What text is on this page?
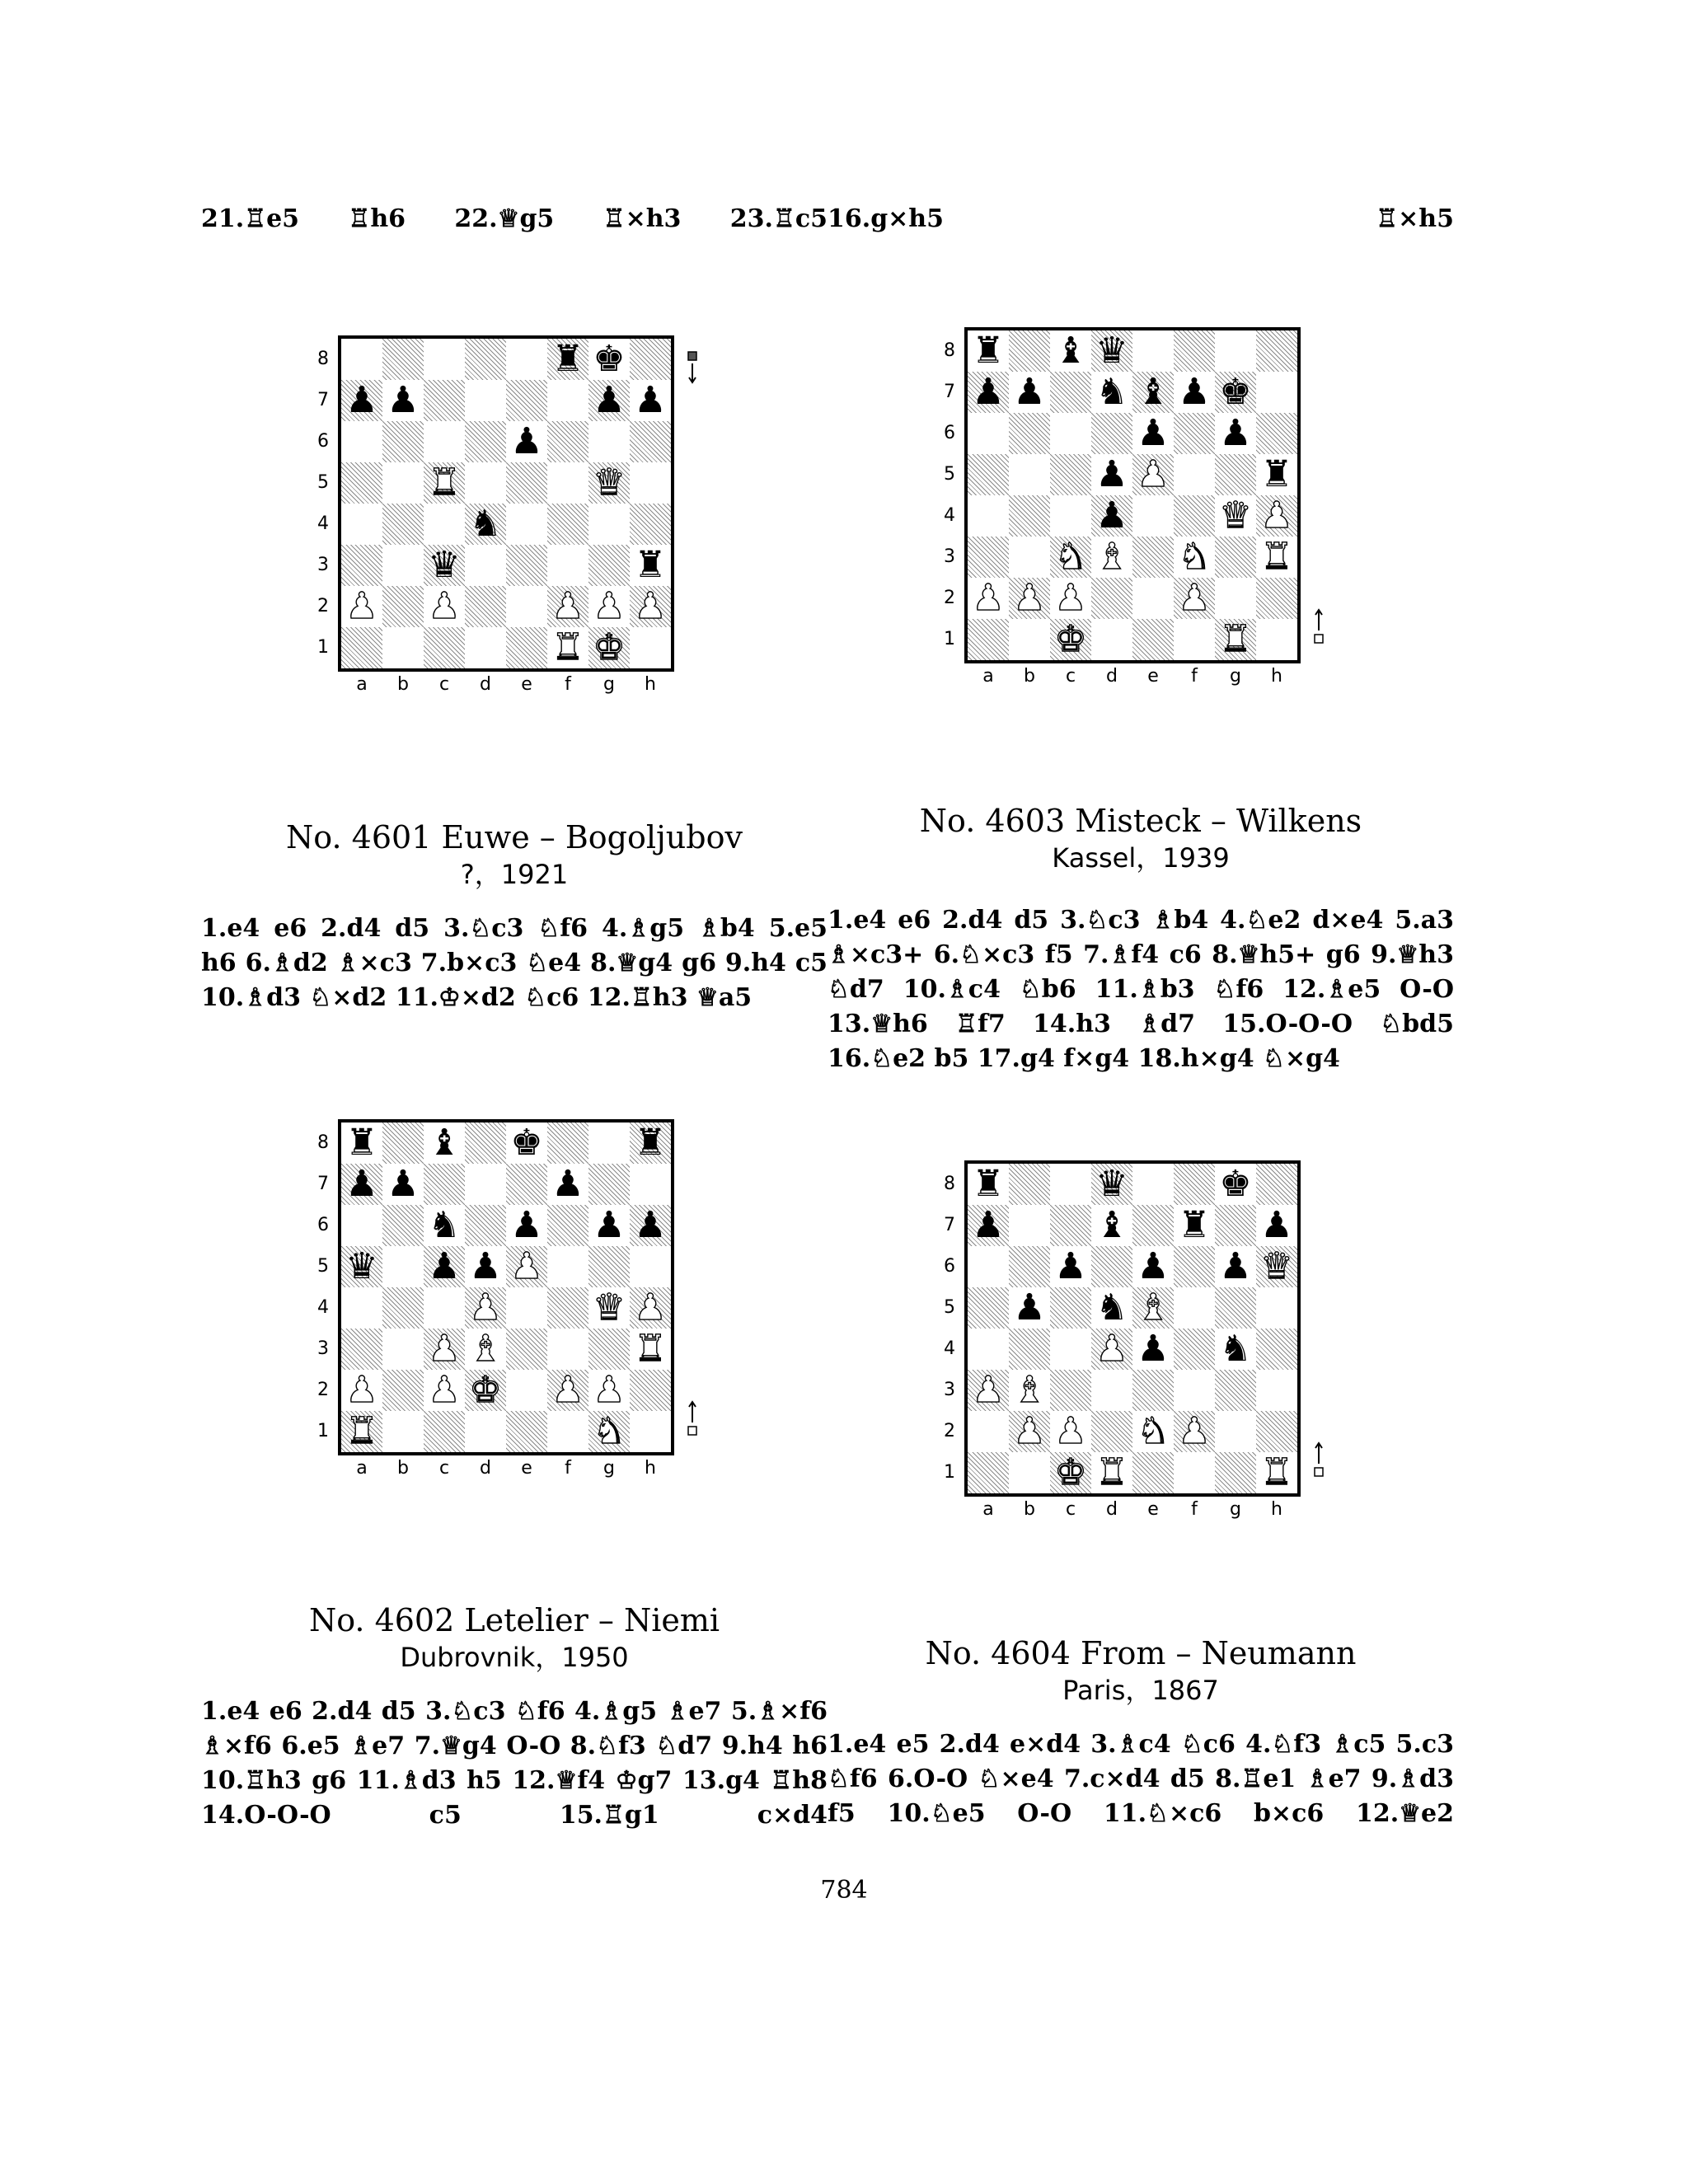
21.♖e5 ♖h6 22.♕g5 ♖×h3 23.♖c5 16.g×h5 ♖×h5
♜ ♚
♟ ♟	♟ ♟
♟
♜	♛
♞
♛	♜
♟ ♟	♟ ♟ ♟
♜ ♚
8
7
6
5
4
3
2
1
a	b	c	d	e	f	g	h
♜ ♝ ♛
♟ ♟ ♞ ♝ ♟ ♚
♟ ♟
♟ ♟	♜
♟	♛ ♟
♞ ♝ ♞ ♜
♟ ♟ ♟	♟
♚	♜
8
7
6
5
4
3
2
1
a	b	c	d	e	f	g	h
♜ ♝ ♚	♜
♟ ♟	♟
♞ ♟ ♟ ♟
♛ ♟ ♟ ♟
♟	♛ ♟
♟ ♝	♜
♟ ♟ ♚ ♟ ♟
♜	♞
8
7
6
5
4
3
2
1
a	b	c	d	e	f	g	h
♜	♛	♚
♟	♝ ♜ ♟
♟ ♟ ♟ ♛
♟ ♞ ♝
♟ ♟ ♞
♟ ♝
♟ ♟ ♞ ♟
♚ ♜	♜
8
7
6
5
4
3
2
1
a	b	c	d	e	f	g	h
No. 4601 Euwe – Bogoljubov
?，1921

1.e4 e6 2.d4 d5 3.♘c3 ♘f6 4.♗g5 ♗b4 5.e5 h6 6.♗d2 ♗×c3 7.b×c3 ♘e4 8.♕g4 g6 9.h4 c5 10.♗d3 ♘×d2 11.♔×d2 ♘c6 12.♖h3 ♕a5

No. 4603 Misteck – Wilkens
Kassel，1939

1.e4 e6 2.d4 d5 3.♘c3 ♗b4 4.♘e2 d×e4 5.a3 ♗×c3+ 6.♘×c3 f5 7.♗f4 c6 8.♕h5+ g6 9.♕h3 ♘d7 10.♗c4 ♘b6 11.♗b3 ♘f6 12.♗e5 O-O 13.♕h6 ♖f7 14.h3 ♗d7 15.O-O-O ♘bd5 16.♘e2 b5 17.g4 f×g4 18.h×g4 ♘×g4

No. 4602 Letelier – Niemi
Dubrovnik，1950

1.e4 e6 2.d4 d5 3.♘c3 ♘f6 4.♗g5 ♗e7 5.♗×f6 ♗×f6 6.e5 ♗e7 7.♕g4 O-O 8.♘f3 ♘d7 9.h4 h6 10.♖h3 g6 11.♗d3 h5 12.♕f4 ♔g7 13.g4 ♖h8 14.O-O-O c5 15.♖g1 c×d4

No. 4604 From – Neumann
Paris，1867

1.e4 e5 2.d4 e×d4 3.♗c4 ♘c6 4.♘f3 ♗c5 5.c3 ♘f6 6.O-O ♘×e4 7.c×d4 d5 8.♖e1 ♗e7 9.♗d3 f5 10.♘e5 O-O 11.♘×c6 b×c6 12.♕e2

784
